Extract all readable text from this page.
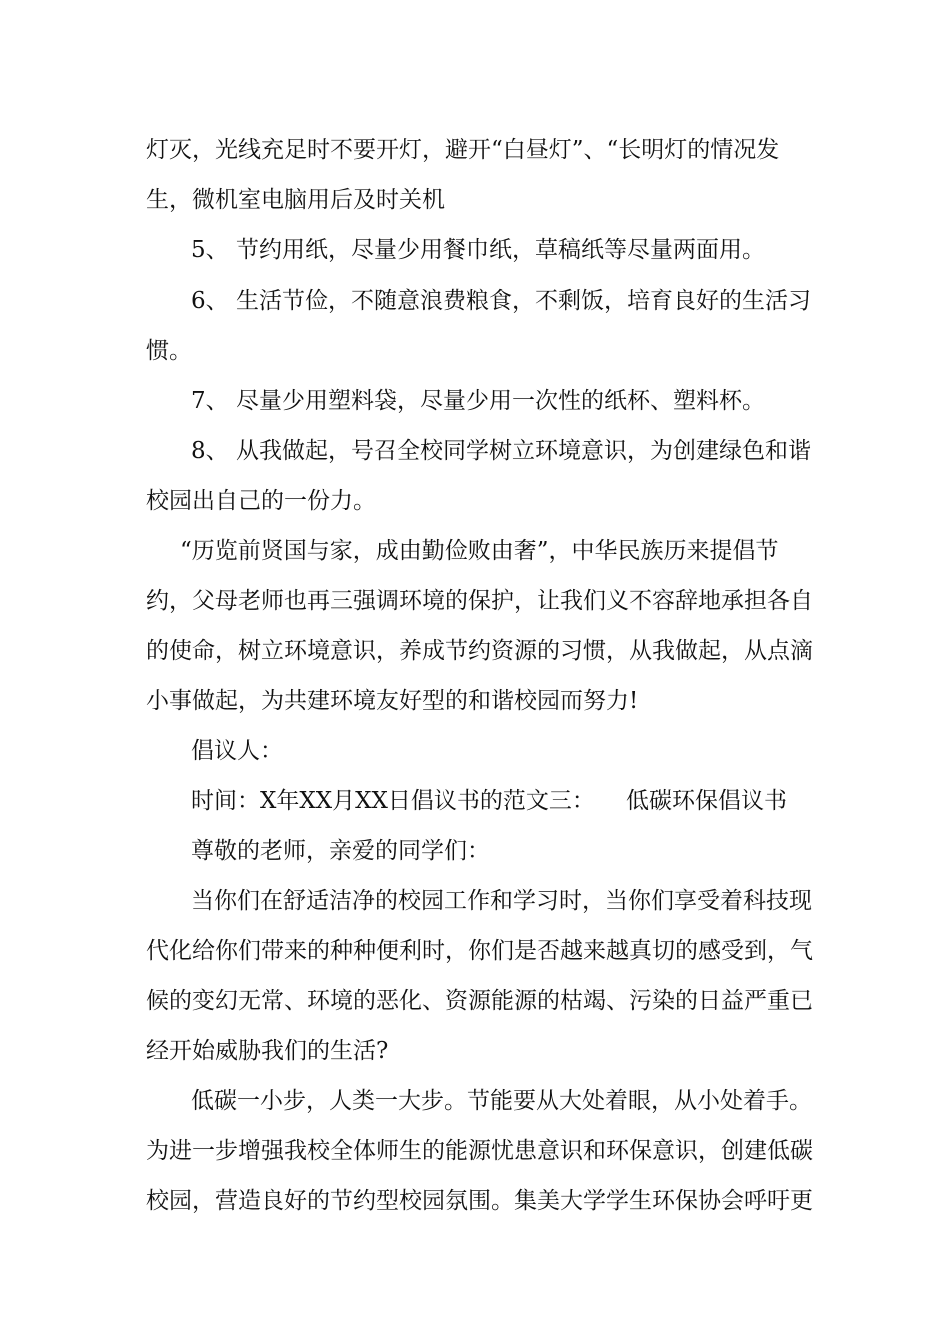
灯灭，光线充足时不要开灯，避开“白昼灯”、“长明灯的情况发
生，微机室电脑用后及时关机
5、 节约用纸，尽量少用餐巾纸，草稿纸等尽量两面用。
6、 生活节俭，不随意浪费粮食，不剩饭，培育良好的生活习
惯。
7、 尽量少用塑料袋，尽量少用一次性的纸杯、塑料杯。
8、 从我做起，号召全校同学树立环境意识，为创建绿色和谐
校园出自己的一份力。
“历览前贤国与家，成由勤俭败由奢”，中华民族历来提倡节
约，父母老师也再三强调环境的保护，让我们义不容辞地承担各自
的使命，树立环境意识，养成节约资源的习惯，从我做起，从点滴
小事做起，为共建环境友好型的和谐校园而努力!
倡议人：
时间：X年XX月XX日倡议书的范文三：	低碳环保倡议书
尊敬的老师，亲爱的同学们：
当你们在舒适洁净的校园工作和学习时，当你们享受着科技现
代化给你们带来的种种便利时，你们是否越来越真切的感受到，气
候的变幻无常、环境的恶化、资源能源的枯竭、污染的日益严重已
经开始威胁我们的生活?
低碳一小步，人类一大步。节能要从大处着眼，从小处着手。
为进一步增强我校全体师生的能源忧患意识和环保意识，创建低碳
校园，营造良好的节约型校园氛围。集美大学学生环保协会呼吁更
